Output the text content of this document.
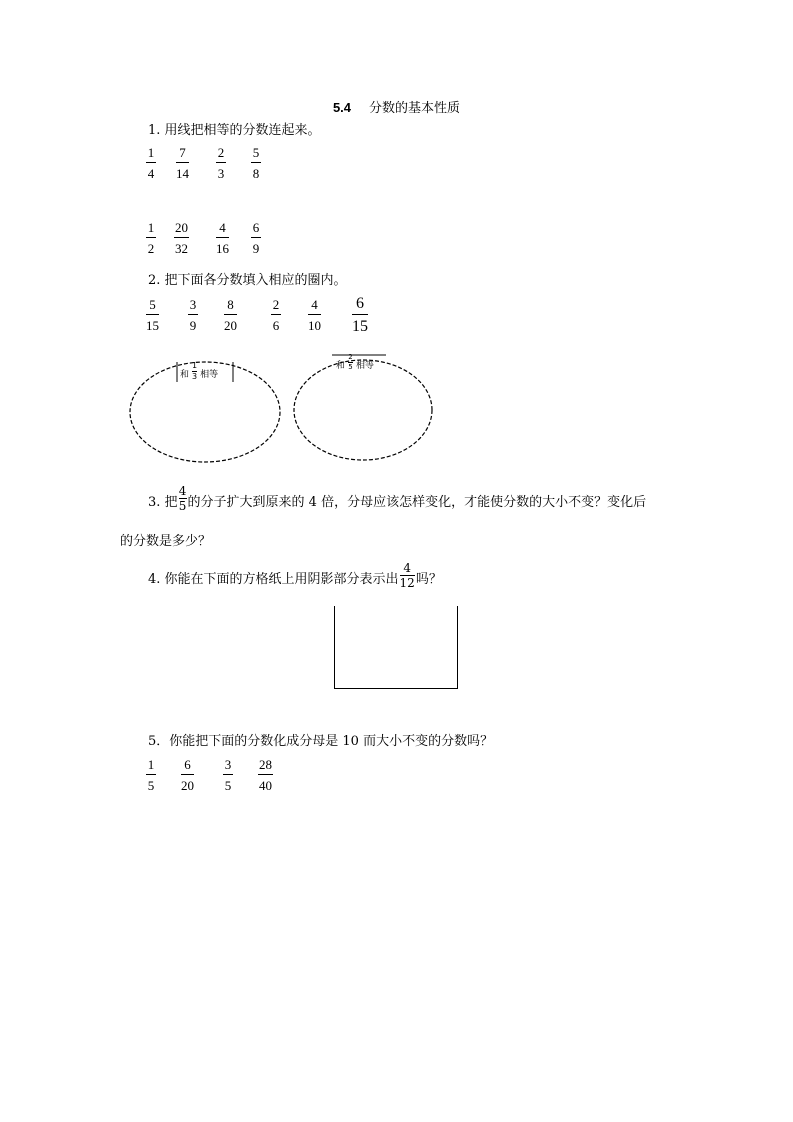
5.4 分数的基本性质
1. 用线把相等的分数连起来。
1
4
7
14
2
3
5
8
1
2
20
32
4
16
6
9
2. 把下面各分数填入相应的圈内。
5
15
3
9
8
20
2
6
4
10
6
15
和 $\frac{1}{3}$ 相等
和 $\frac{2}{5}$ 相等
3. 把 $\frac{4}{5}$ 的分子扩大到原来的 4 倍，分母应该怎样变化，才能使分数的大小不变？变化后
的分数是多少？
4. 你能在下面的方格纸上用阴影部分表示出 $\frac{4}{12}$ 吗？
5．你能把下面的分数化成分母是 10 而大小不变的分数吗？
1
5
6
20
3
5
28
40
